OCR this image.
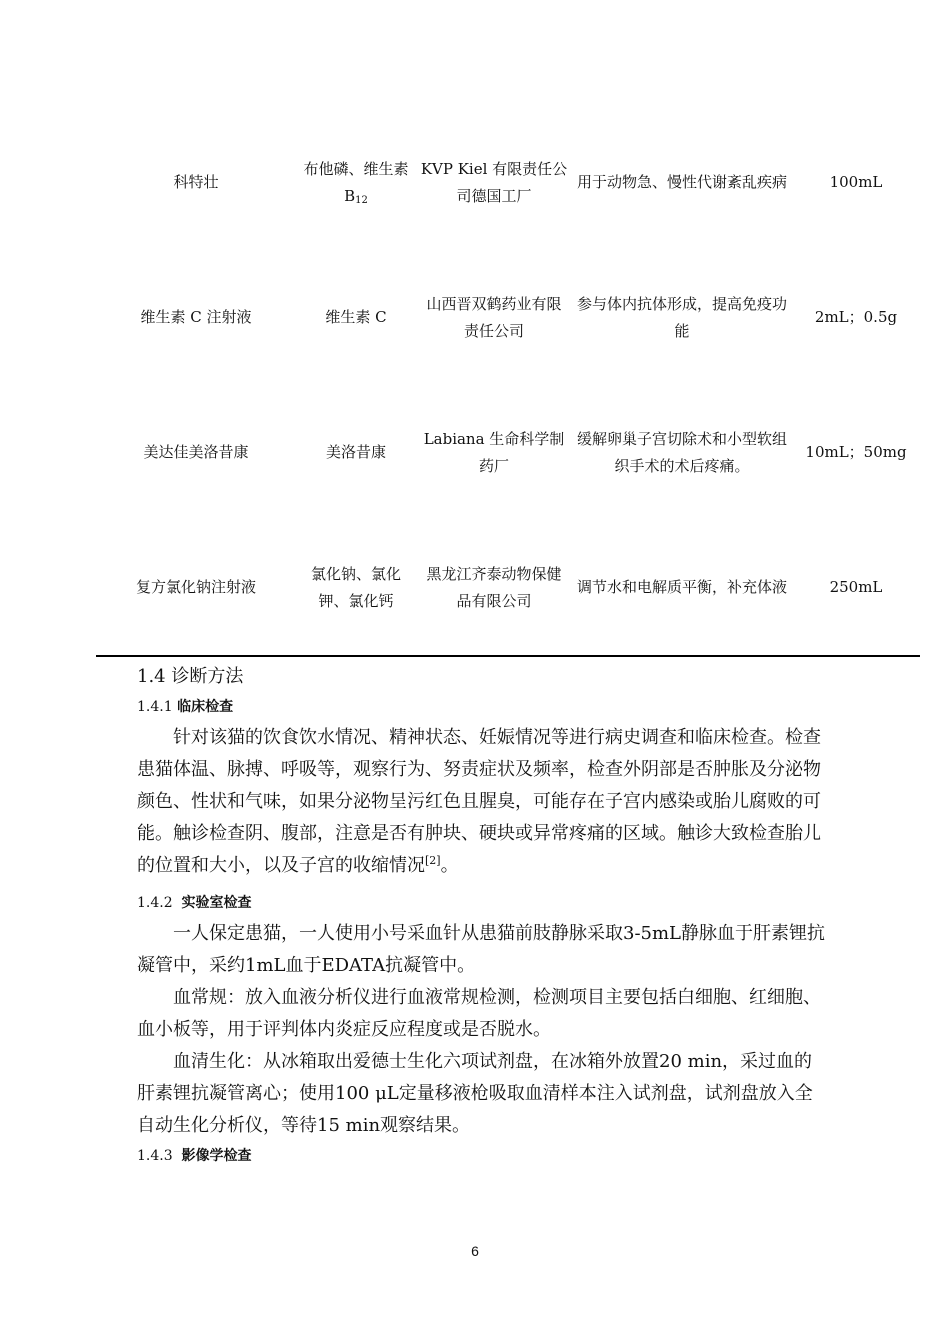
科特壮	布他磷、维生素 $B_{12}$	KVP Kiel 有限责任公司德国工厂	用于动物急、慢性代谢紊乱疾病	100mL
维生素 C 注射液	维生素 C	山西晋双鹤药业有限责任公司	参与体内抗体形成，提高免疫功能	2mL；0.5g
美达佳美洛昔康	美洛昔康	Labiana 生命科学制药厂	缓解卵巢子宫切除术和小型软组织手术的术后疼痛。	10mL；50mg
复方氯化钠注射液	氯化钠、氯化钾、氯化钙	黑龙江齐泰动物保健品有限公司	调节水和电解质平衡，补充体液	250mL
1.4 诊断方法
1.4.1 临床检查

针对该猫的饮食饮水情况、精神状态、妊娠情况等进行病史调查和临床检查。检查患猫体温、脉搏、呼吸等，观察行为、努责症状及频率，检查外阴部是否肿胀及分泌物颜色、性状和气味，如果分泌物呈污红色且腥臭，可能存在子宫内感染或胎儿腐败的可能。触诊检查阴、腹部，注意是否有肿块、硬块或异常疼痛的区域。触诊大致检查胎儿的位置和大小，以及子宫的收缩情况[2]。

1.4.2 实验室检查

一人保定患猫，一人使用小号采血针从患猫前肢静脉采取3-5mL静脉血于肝素锂抗凝管中，采约1mL血于EDATA抗凝管中。

血常规：放入血液分析仪进行血液常规检测，检测项目主要包括白细胞、红细胞、血小板等，用于评判体内炎症反应程度或是否脱水。

血清生化：从冰箱取出爱德士生化六项试剂盘，在冰箱外放置20 min，采过血的肝素锂抗凝管离心；使用100 μL定量移液枪吸取血清样本注入试剂盘，试剂盘放入全自动生化分析仪，等待15 min观察结果。

1.4.3 影像学检查
6
